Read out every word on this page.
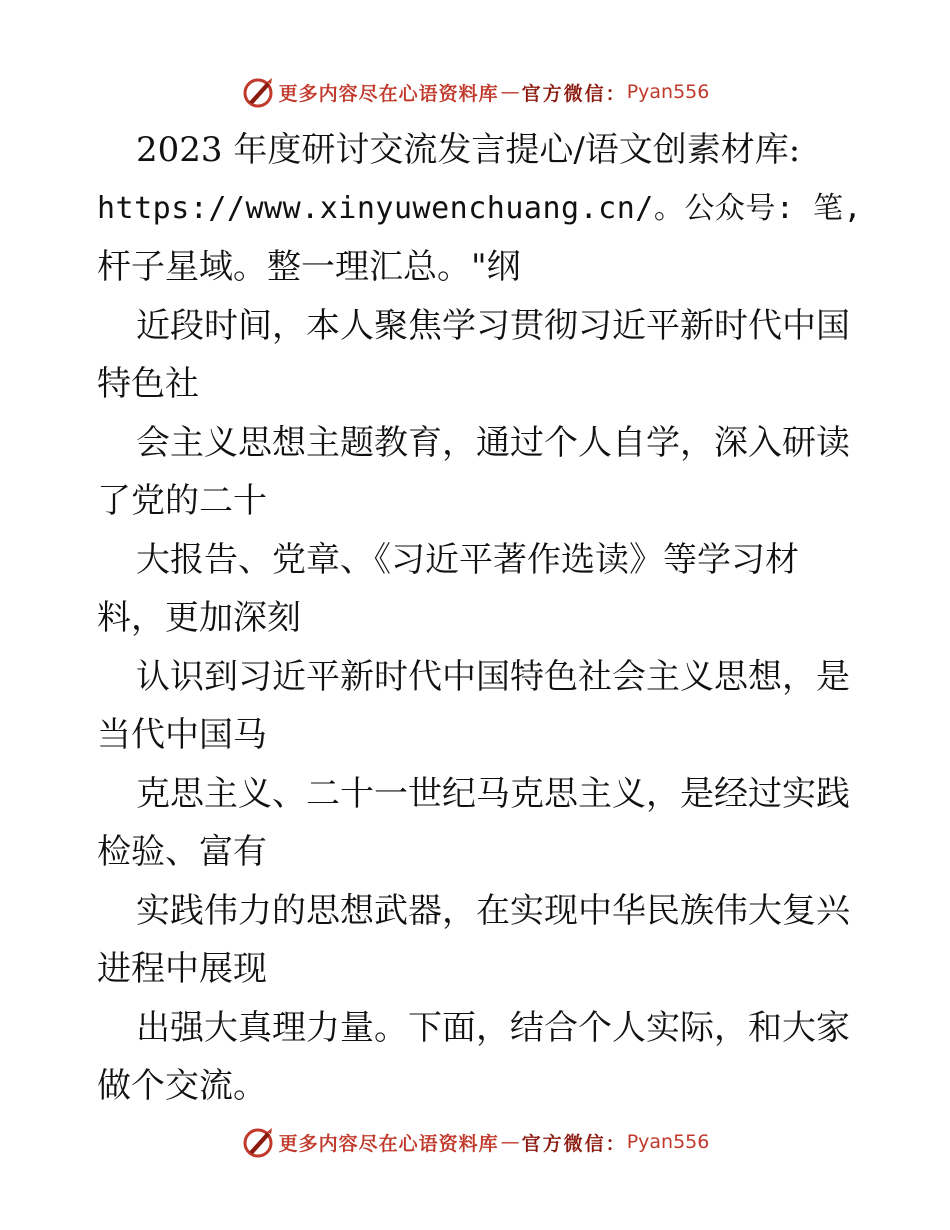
更多内容尽在心语资料库 — 官方微信： Pyan556
2023 年度研讨交流发言提心/语文创素材库:
https://www.xinyuwenchuang.cn/。公众号: 笔,
杆子星域。整一理汇总。"纲
近段时间，本人聚焦学习贯彻习近平新时代中国
特色社
会主义思想主题教育，通过个人自学，深入研读
了党的二十
大报告、党章、《习近平著作选读》等学习材
料，更加深刻
认识到习近平新时代中国特色社会主义思想，是
当代中国马
克思主义、二十一世纪马克思主义，是经过实践
检验、富有
实践伟力的思想武器，在实现中华民族伟大复兴
进程中展现
出强大真理力量。下面，结合个人实际，和大家
做个交流。
更多内容尽在心语资料库 — 官方微信： Pyan556
